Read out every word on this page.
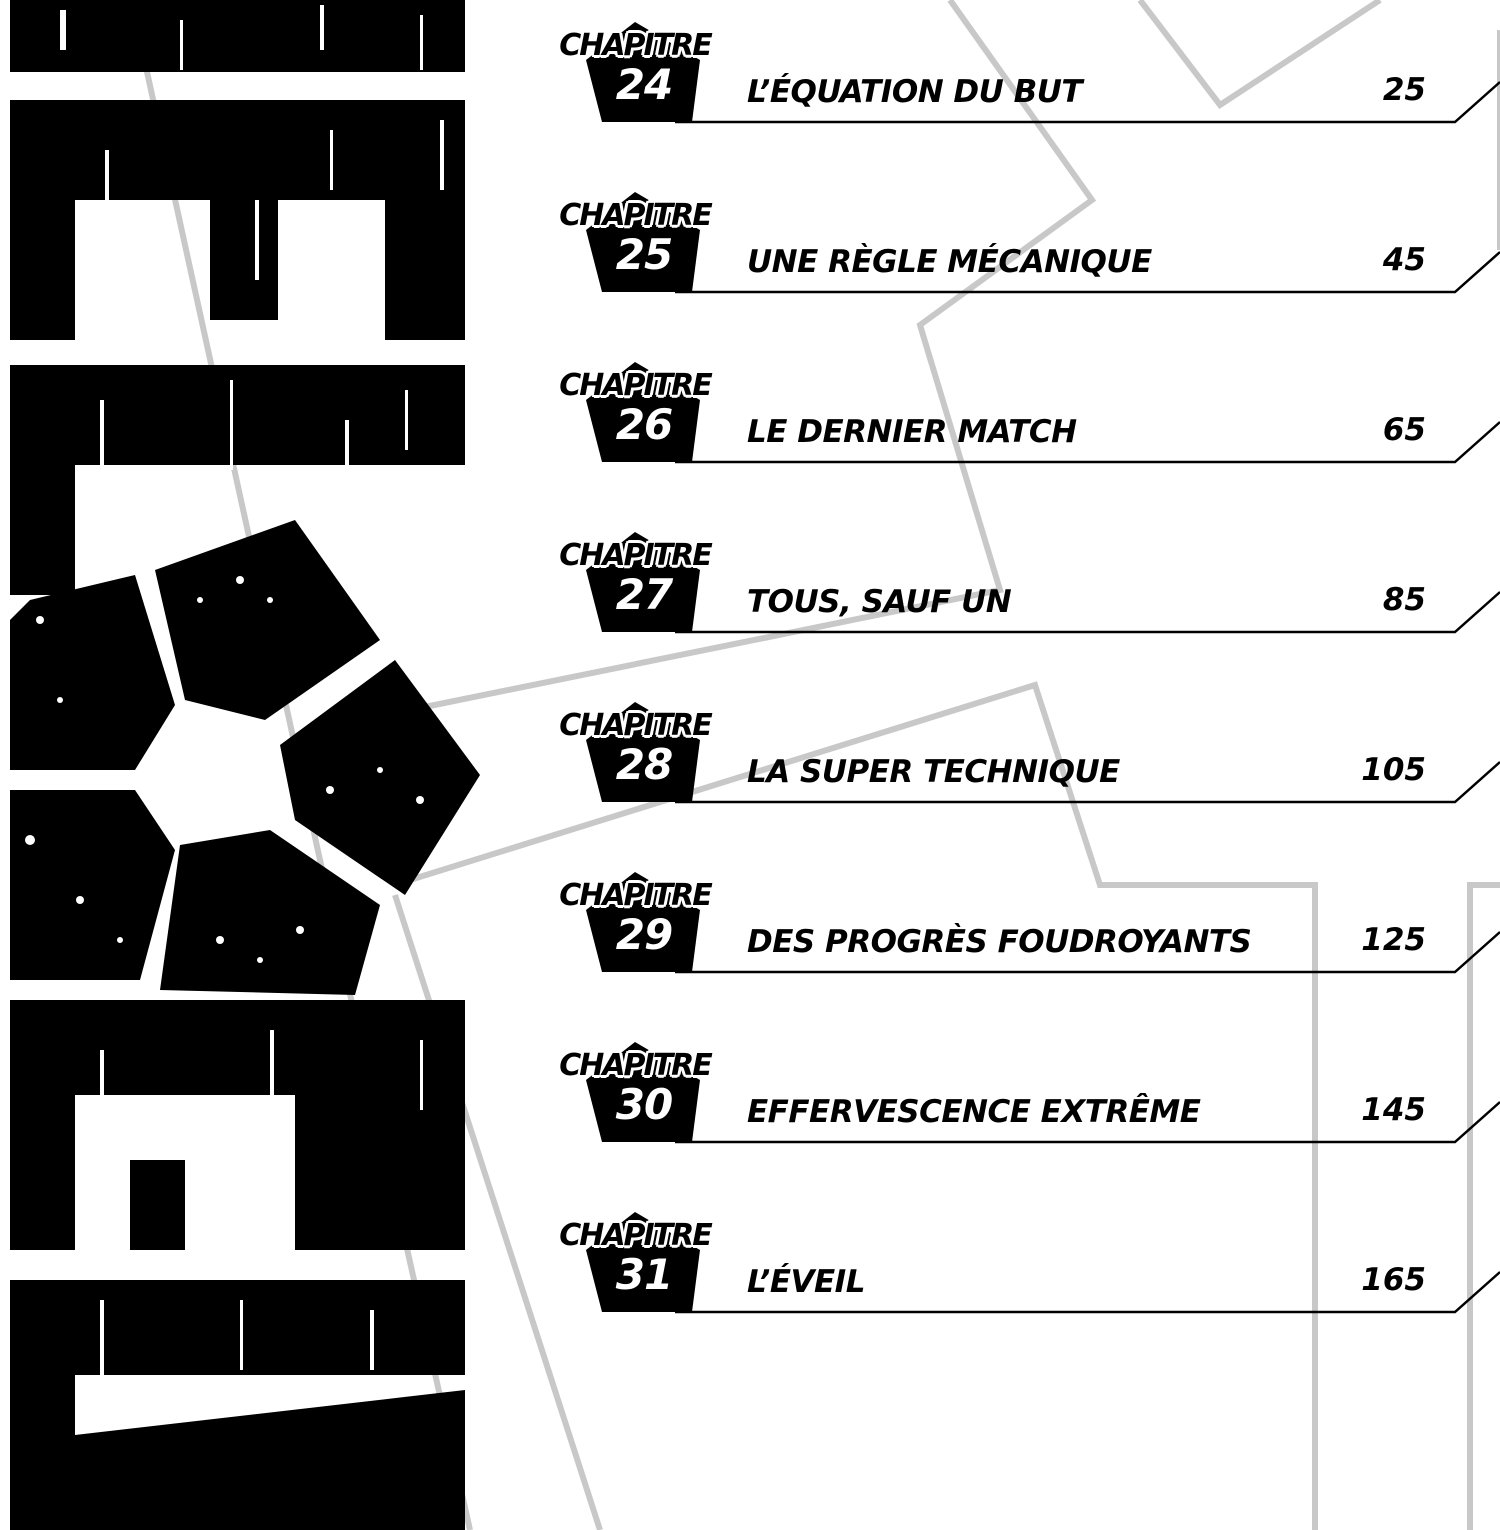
CHAPITRE
24	L’ÉQUATION DU BUT	25
CHAPITRE
25	UNE RÈGLE MÉCANIQUE	45
CHAPITRE
26	LE DERNIER MATCH	65
CHAPITRE
27	TOUS, SAUF UN	85
CHAPITRE
28	LA SUPER TECHNIQUE	105
CHAPITRE
29	DES PROGRÈS FOUDROYANTS	125
CHAPITRE
30	EFFERVESCENCE EXTRÊME	145
CHAPITRE
31	L’ÉVEIL	165
